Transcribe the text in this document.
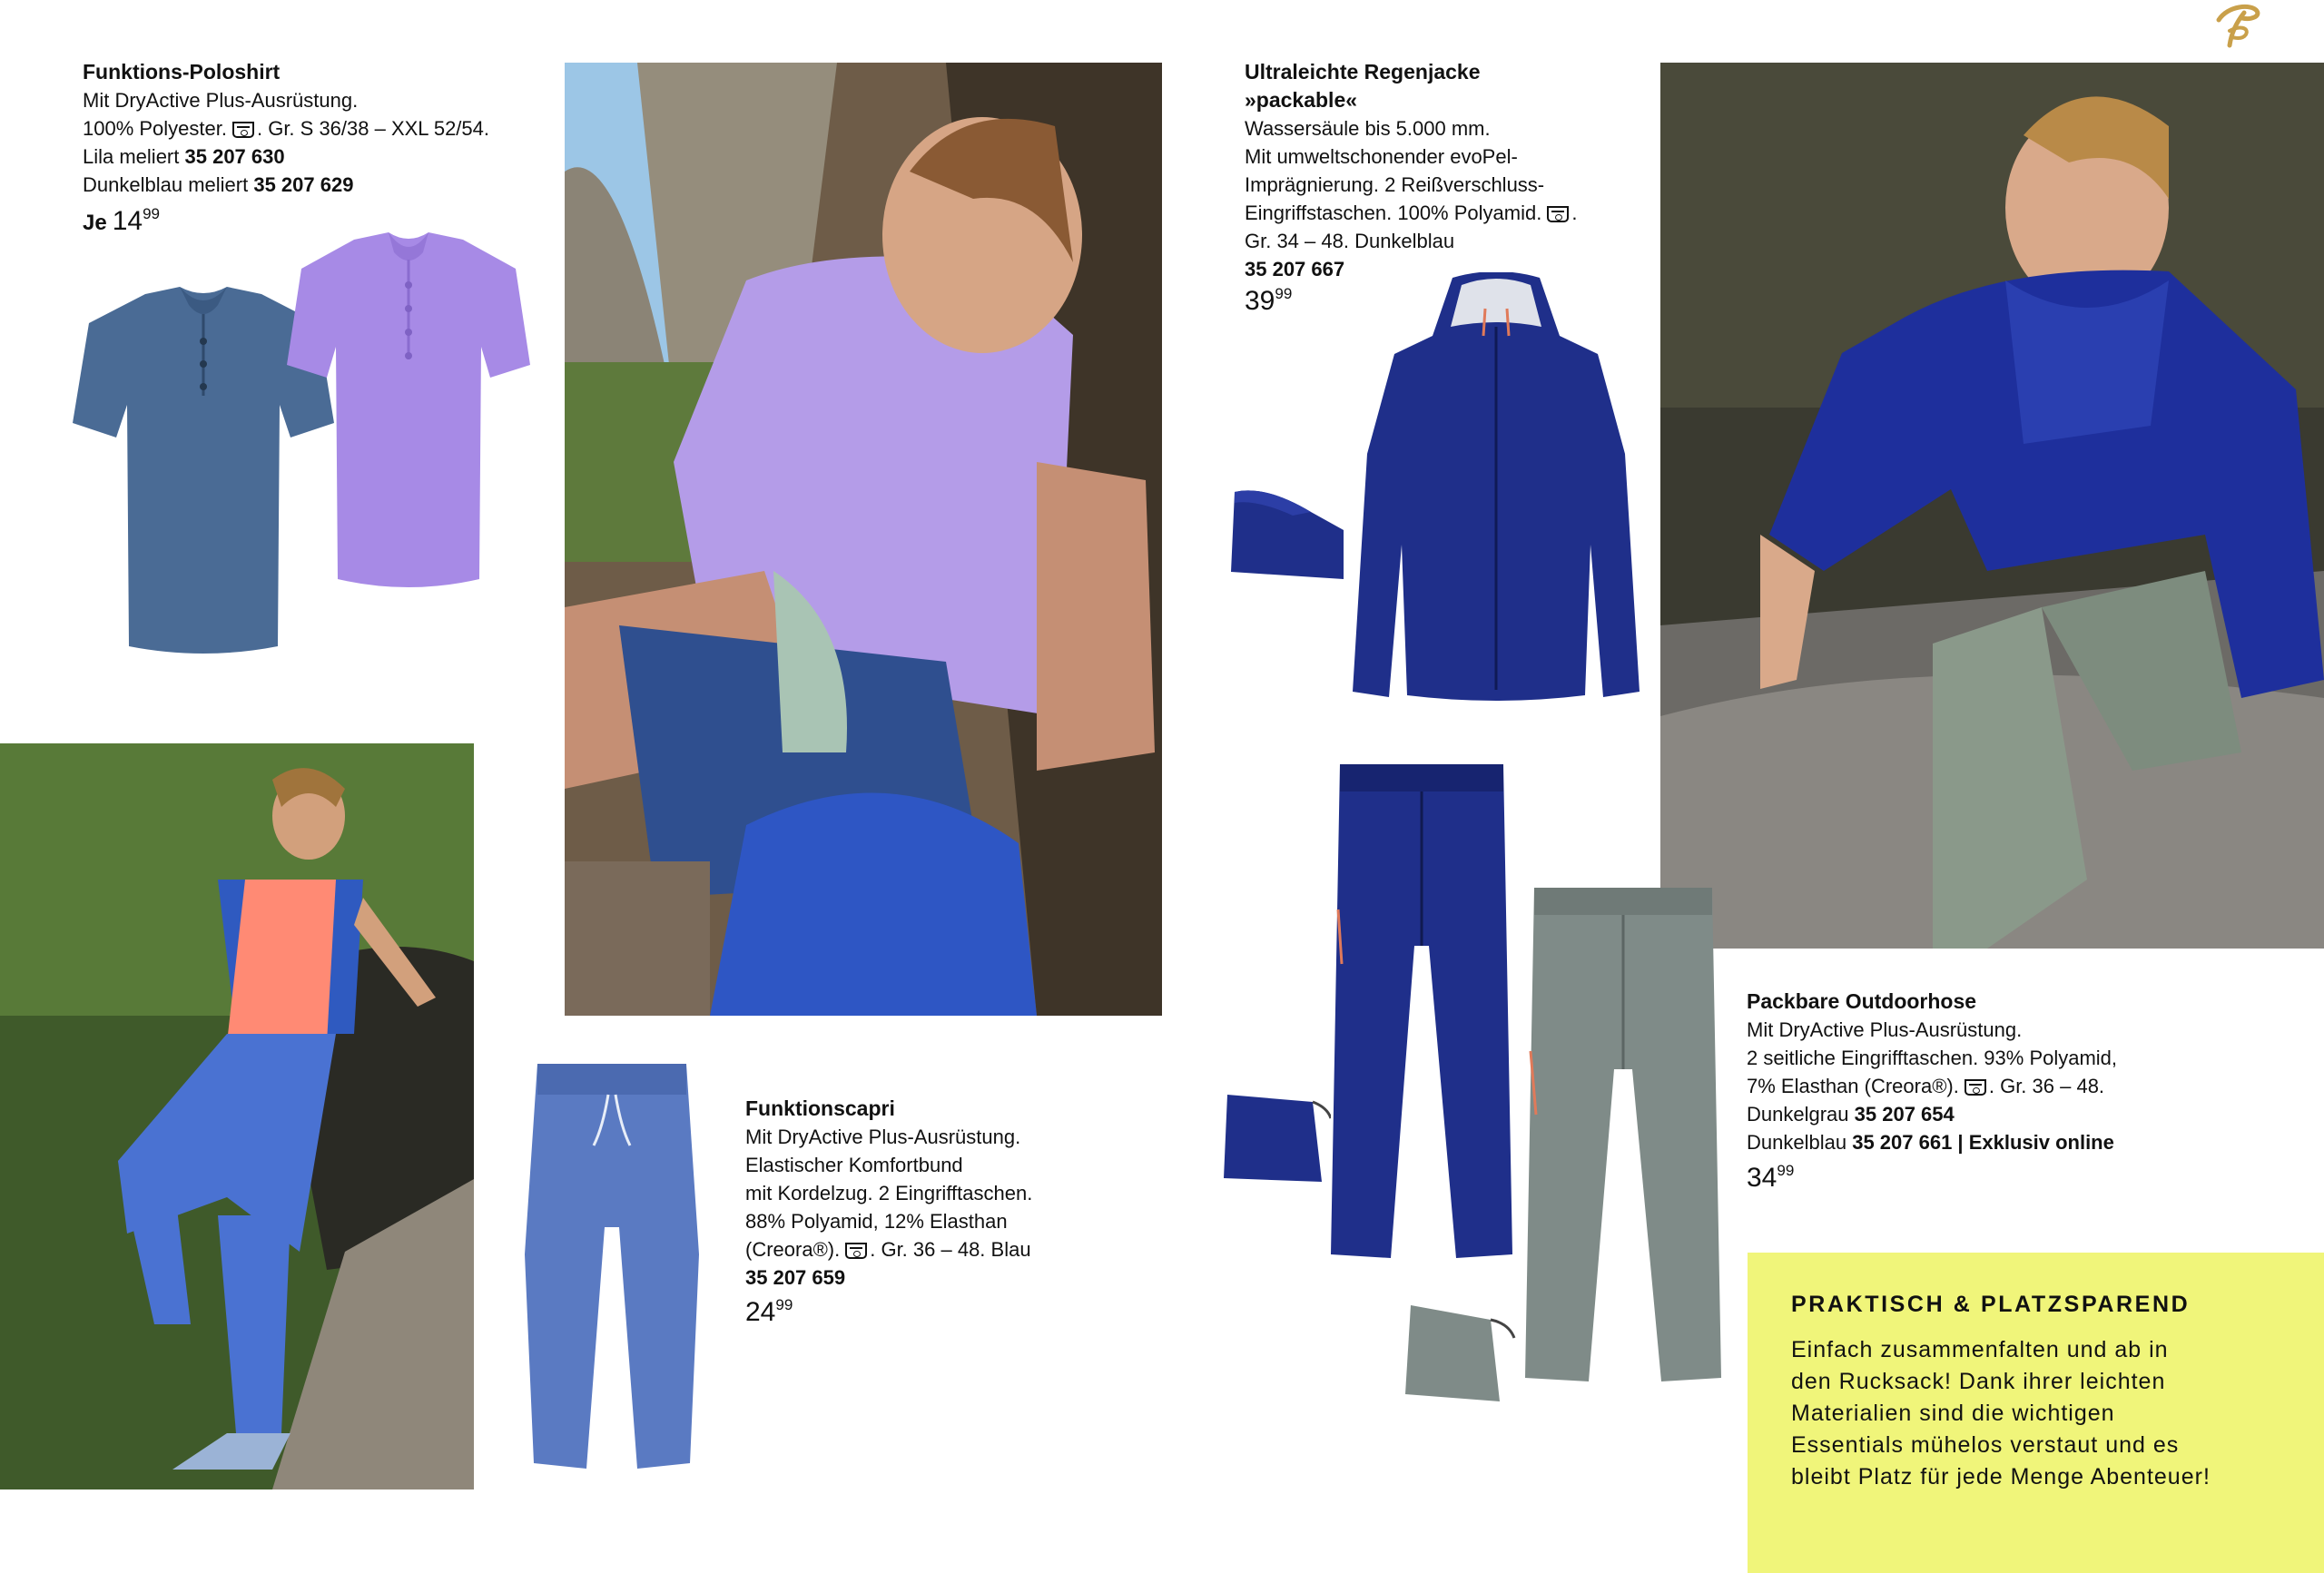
Funktions-Poloshirt
Mit DryActive Plus-Ausrüstung.
100% Polyester. . Gr. S 36/38 – XXL 52/54.
Lila meliert 35 207 630
Dunkelblau meliert 35 207 629
Je $14^{99}$
Ultraleichte Regenjacke
»packable«
Wassersäule bis 5.000 mm.
Mit umweltschonender evoPel-
Imprägnierung. 2 Reißverschluss-
Eingriffstaschen. 100% Polyamid. .
Gr. 34 – 48. Dunkelblau
35 207 667
$39^{99}$
Funktionscapri
Mit DryActive Plus-Ausrüstung.
Elastischer Komfortbund
mit Kordelzug. 2 Eingrifftaschen.
88% Polyamid, 12% Elasthan
(Creora®). . Gr. 36 – 48. Blau
35 207 659
$24^{99}$
Packbare Outdoorhose
Mit DryActive Plus-Ausrüstung.
2 seitliche Eingrifftaschen. 93% Polyamid,
7% Elasthan (Creora®). . Gr. 36 – 48.
Dunkelgrau 35 207 654
Dunkelblau 35 207 661 | Exklusiv online
$34^{99}$
PRAKTISCH & PLATZSPAREND
Einfach zusammenfalten und ab in
den Rucksack! Dank ihrer leichten
Materialien sind die wichtigen
Essentials mühelos verstaut und es
bleibt Platz für jede Menge Abenteuer!
